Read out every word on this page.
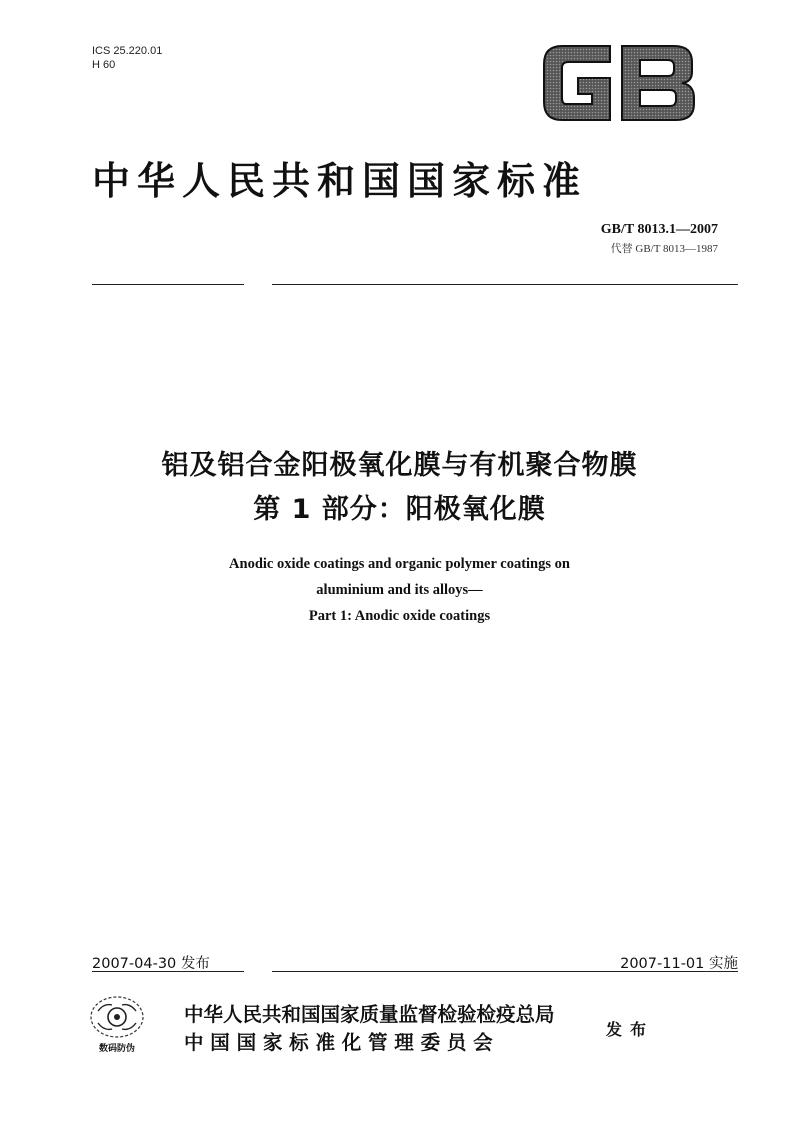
ICS 25.220.01
H 60
中华人民共和国国家标准
GB/T 8013.1—2007
代替 GB/T 8013—1987
铝及铝合金阳极氧化膜与有机聚合物膜
第 1 部分：阳极氧化膜
Anodic oxide coatings and organic polymer coatings on
aluminium and its alloys—
Part 1: Anodic oxide coatings
2007-04-30 发布	2007-11-01 实施
数码防伪
中华人民共和国国家质量监督检验检疫总局
中 国 国 家 标 准 化 管 理 委 员 会
发布
